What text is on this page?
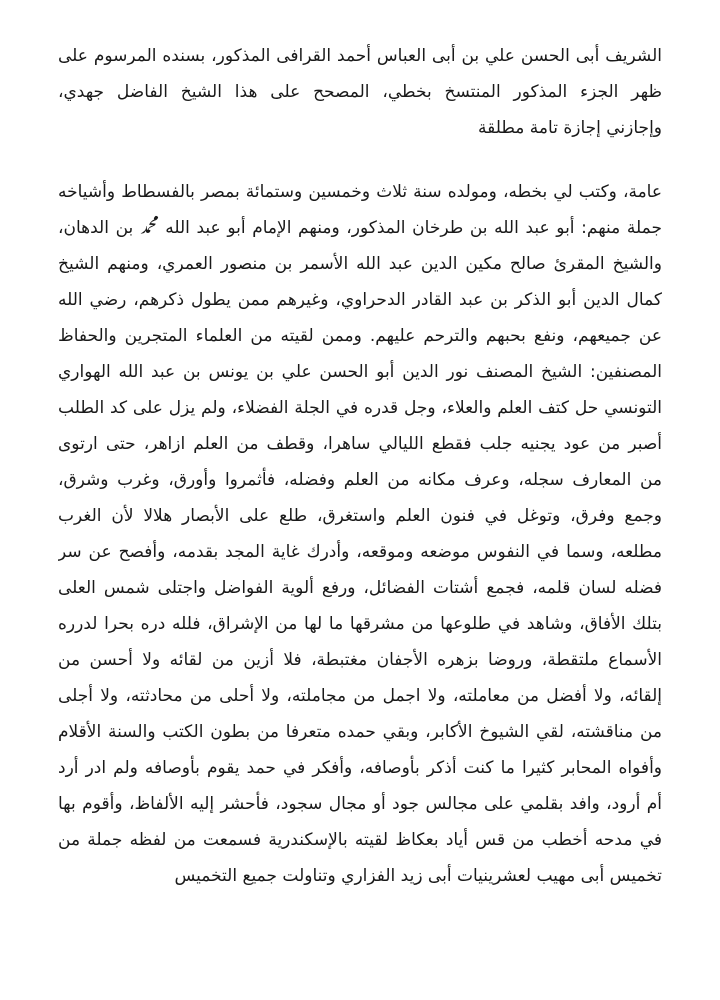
الشريف أبى الحسن علي بن أبى العباس أحمد القرافى المذكور، بسنده المرسوم على
ظهر الجزء المذكور المنتسخ بخطي، المصحح على هذا الشيخ الفاضل جهدي،
وإجازني إجازة تامة مطلقة
عامة، وكتب لي بخطه، ومولده سنة ثلاث وخمسين وستمائة بمصر بالفسطاط وأشياخه
جملة منهم: أبو عبد الله بن طرخان المذكور، ومنهم الإمام أبو عبد الله ﷴ بن الدهان،
والشيخ المقرئ صالح مكين الدين عبد الله الأسمر بن منصور العمري، ومنهم الشيخ
كمال الدين أبو الذكر بن عبد القادر الدحراوي، وغيرهم ممن يطول ذكرهم، رضي الله
عن جميعهم، ونفع بحبهم والترحم عليهم. وممن لقيته من العلماء المتجرين والحفاظ
المصنفين: الشيخ المصنف نور الدين أبو الحسن علي بن يونس بن عبد الله الهواري
التونسي حل كتف العلم والعلاء، وجل قدره في الجلة الفضلاء، ولم يزل على كد الطلب
أصبر من عود يجنيه جلب فقطع الليالي ساهرا، وقطف من العلم ازاهر، حتى ارتوى
من المعارف سجله، وعرف مكانه من العلم وفضله، فأثمروا وأورق، وغرب وشرق،
وجمع وفرق، وتوغل في فنون العلم واستغرق، طلع على الأبصار هلالا لأن الغرب
مطلعه، وسما في النفوس موضعه وموقعه، وأدرك غاية المجد بقدمه، وأفصح عن سر
فضله لسان قلمه، فجمع أشتات الفضائل، ورفع ألوية الفواضل واجتلى شمس العلى
بتلك الأفاق، وشاهد في طلوعها من مشرقها ما لها من الإشراق، فلله دره بحرا لدرره
الأسماع ملتقطة، وروضا بزهره الأجفان مغتبطة، فلا أزين من لقائه ولا أحسن من
إلقائه، ولا أفضل من معاملته، ولا اجمل من مجاملته، ولا أحلى من محادثته، ولا أجلى
من مناقشته، لقي الشيوخ الأكابر، وبقي حمده متعرفا من بطون الكتب والسنة الأقلام
وأفواه المحابر كثيرا ما كنت أذكر بأوصافه، وأفكر في حمد يقوم بأوصافه ولم ادر أرد
أم أرود، وافد بقلمي على مجالس جود أو مجال سجود، فأحشر إليه الألفاظ، وأقوم بها
في مدحه أخطب من قس أياد بعكاظ لقيته بالإسكندرية فسمعت من لفظه جملة من
تخميس أبى مهيب لعشرينيات أبى زيد الفزاري وتناولت جميع التخميس
